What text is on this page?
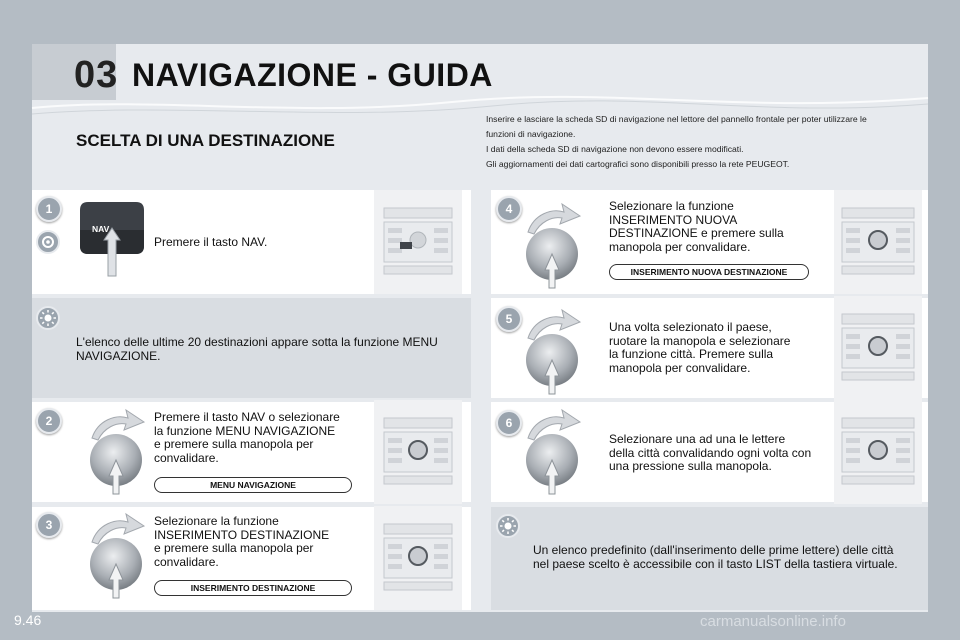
03 NAVIGAZIONE - GUIDA
SCELTA DI UNA DESTINAZIONE
Inserire e lasciare la scheda SD di navigazione nel lettore del pannello frontale per poter utilizzare le
funzioni di navigazione.
I dati della scheda SD di navigazione non devono essere modificati.
Gli aggiornamenti dei dati cartografici sono disponibili presso la rete PEUGEOT.
1
NAV
Premere il tasto NAV.
L'elenco delle ultime 20 destinazioni appare sotta la funzione MENU
NAVIGAZIONE.
2	Premere il tasto NAV o selezionare
la funzione MENU NAVIGAZIONE
e premere sulla manopola per
convalidare.
MENU NAVIGAZIONE
3	Selezionare la funzione
INSERIMENTO DESTINAZIONE
e premere sulla manopola per
convalidare.
INSERIMENTO DESTINAZIONE
4	Selezionare la funzione
INSERIMENTO NUOVA
DESTINAZIONE e premere sulla
manopola per convalidare.
INSERIMENTO NUOVA DESTINAZIONE
5
Una volta selezionato il paese,
ruotare la manopola e selezionare
la funzione città. Premere sulla
manopola per convalidare.
6
Selezionare una ad una le lettere
della città convalidando ogni volta con
una pressione sulla manopola.
Un elenco predefinito (dall'inserimento delle prime lettere) delle città
nel paese scelto è accessibile con il tasto LIST della tastiera virtuale.
9.46	carmanualsonline.info
